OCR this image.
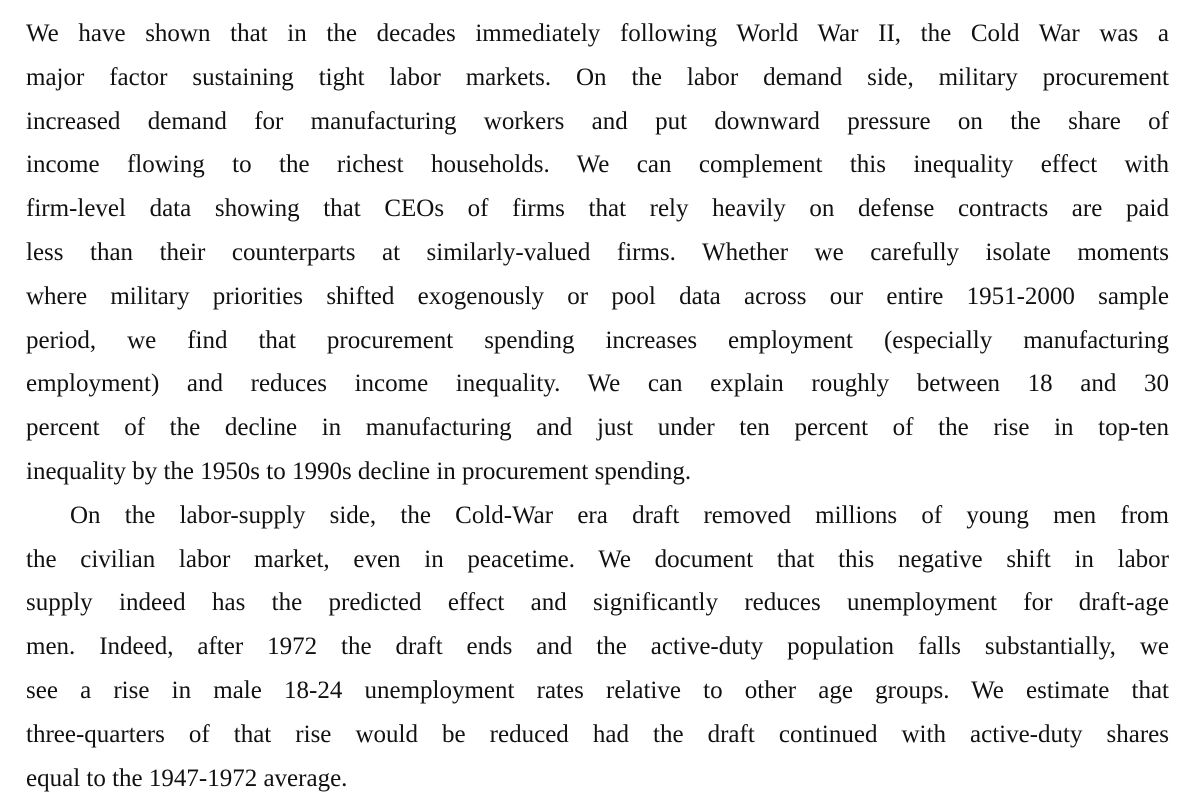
We have shown that in the decades immediately following World War II, the Cold War was a
major factor sustaining tight labor markets. On the labor demand side, military procurement
increased demand for manufacturing workers and put downward pressure on the share of
income flowing to the richest households. We can complement this inequality effect with
firm-level data showing that CEOs of firms that rely heavily on defense contracts are paid
less than their counterparts at similarly-valued firms. Whether we carefully isolate moments
where military priorities shifted exogenously or pool data across our entire 1951-2000 sample
period, we find that procurement spending increases employment (especially manufacturing
employment) and reduces income inequality. We can explain roughly between 18 and 30
percent of the decline in manufacturing and just under ten percent of the rise in top-ten
inequality by the 1950s to 1990s decline in procurement spending.
On the labor-supply side, the Cold-War era draft removed millions of young men from
the civilian labor market, even in peacetime. We document that this negative shift in labor
supply indeed has the predicted effect and significantly reduces unemployment for draft-age
men. Indeed, after 1972 the draft ends and the active-duty population falls substantially, we
see a rise in male 18-24 unemployment rates relative to other age groups. We estimate that
three-quarters of that rise would be reduced had the draft continued with active-duty shares
equal to the 1947-1972 average.
